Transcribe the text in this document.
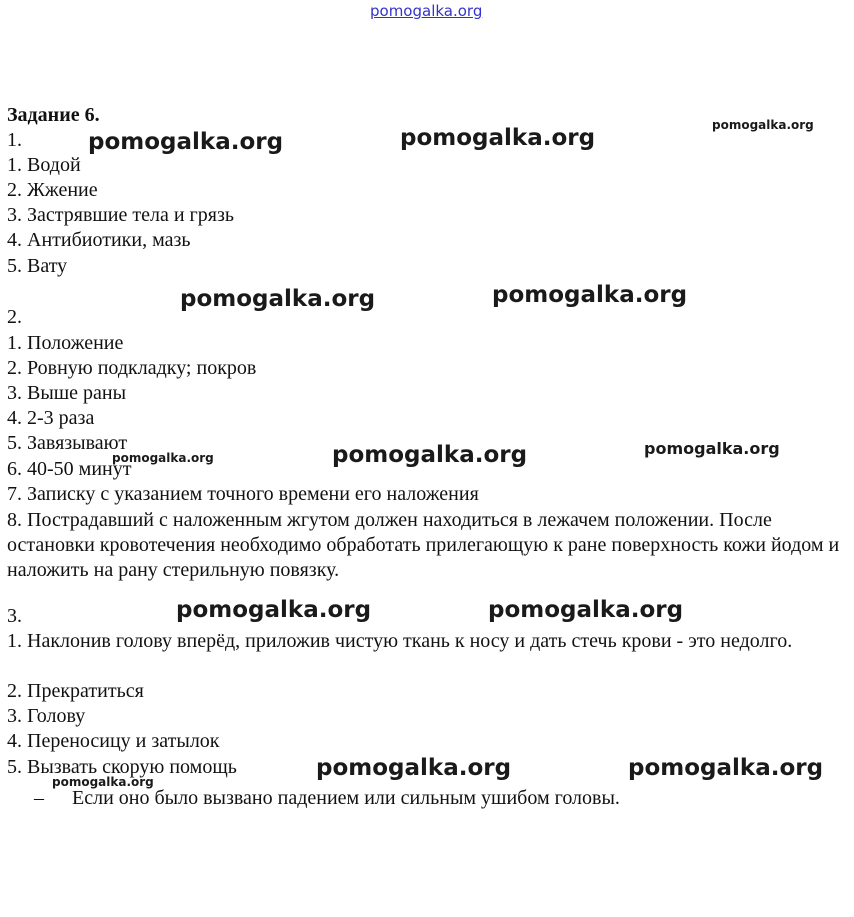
pomogalka.org
Задание 6.
1.
1. Водой
2. Жжение
3. Застрявшие тела и грязь
4. Антибиотики, мазь
5. Вату
2.
1. Положение
2. Ровную подкладку; покров
3. Выше раны
4. 2-3 раза
5. Завязывают
6. 40-50 минут
7. Записку с указанием точного времени его наложения
8. Пострадавший с наложенным жгутом должен находиться в лежачем положении. После остановки кровотечения необходимо обработать прилегающую к ране поверхность кожи йодом и наложить на рану стерильную повязку.
3.
1. Наклонив голову вперёд, приложив чистую ткань к носу и дать стечь крови - это недолго.
2. Прекратиться
3. Голову
4. Переносицу и затылок
5. Вызвать скорую помощь
– Если оно было вызвано падением или сильным ушибом головы.
pomogalka.org	pomogalka.org	pomogalka.org
pomogalka.org	pomogalka.org
pomogalka.org	pomogalka.org
pomogalka.org
pomogalka.org	pomogalka.org
pomogalka.org	pomogalka.org
pomogalka.org
